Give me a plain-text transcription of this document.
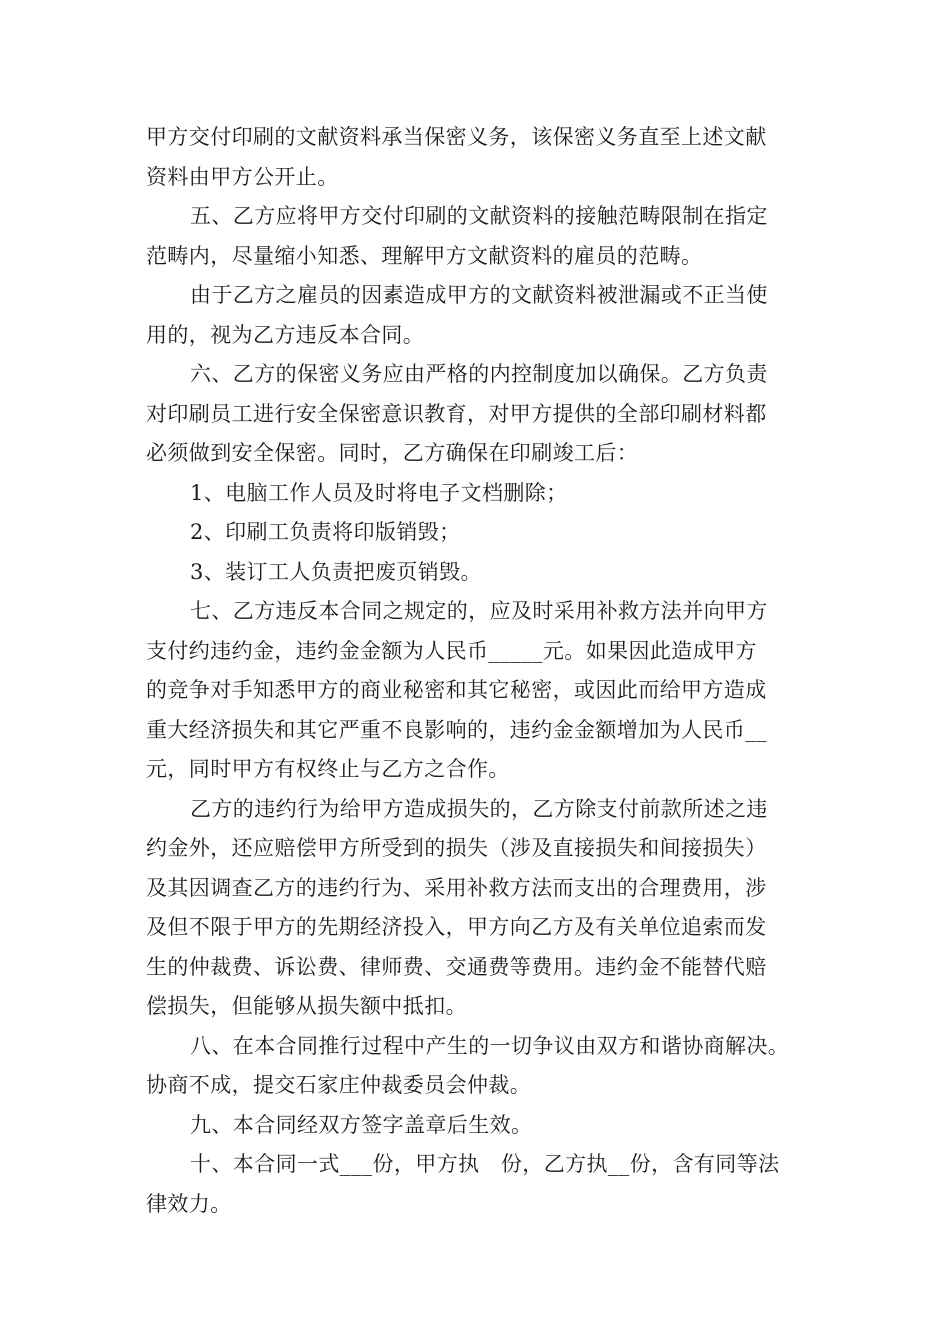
甲方交付印刷的文献资料承当保密义务，该保密义务直至上述文献
资料由甲方公开止。
五、乙方应将甲方交付印刷的文献资料的接触范畴限制在指定
范畴内，尽量缩小知悉、理解甲方文献资料的雇员的范畴。
由于乙方之雇员的因素造成甲方的文献资料被泄漏或不正当使
用的，视为乙方违反本合同。
六、乙方的保密义务应由严格的内控制度加以确保。乙方负责
对印刷员工进行安全保密意识教育，对甲方提供的全部印刷材料都
必须做到安全保密。同时，乙方确保在印刷竣工后：
1、电脑工作人员及时将电子文档删除；
2、印刷工负责将印版销毁；
3、装订工人负责把废页销毁。
七、乙方违反本合同之规定的，应及时采用补救方法并向甲方
支付约违约金，违约金金额为人民币_____元。如果因此造成甲方
的竞争对手知悉甲方的商业秘密和其它秘密，或因此而给甲方造成
重大经济损失和其它严重不良影响的，违约金金额增加为人民币__
元，同时甲方有权终止与乙方之合作。
乙方的违约行为给甲方造成损失的，乙方除支付前款所述之违
约金外，还应赔偿甲方所受到的损失（涉及直接损失和间接损失）
及其因调查乙方的违约行为、采用补救方法而支出的合理费用，涉
及但不限于甲方的先期经济投入，甲方向乙方及有关单位追索而发
生的仲裁费、诉讼费、律师费、交通费等费用。违约金不能替代赔
偿损失，但能够从损失额中抵扣。
八、在本合同推行过程中产生的一切争议由双方和谐协商解决。
协商不成，提交石家庄仲裁委员会仲裁。
九、本合同经双方签字盖章后生效。
十、本合同一式___份，甲方执　份，乙方执__份，含有同等法
律效力。
